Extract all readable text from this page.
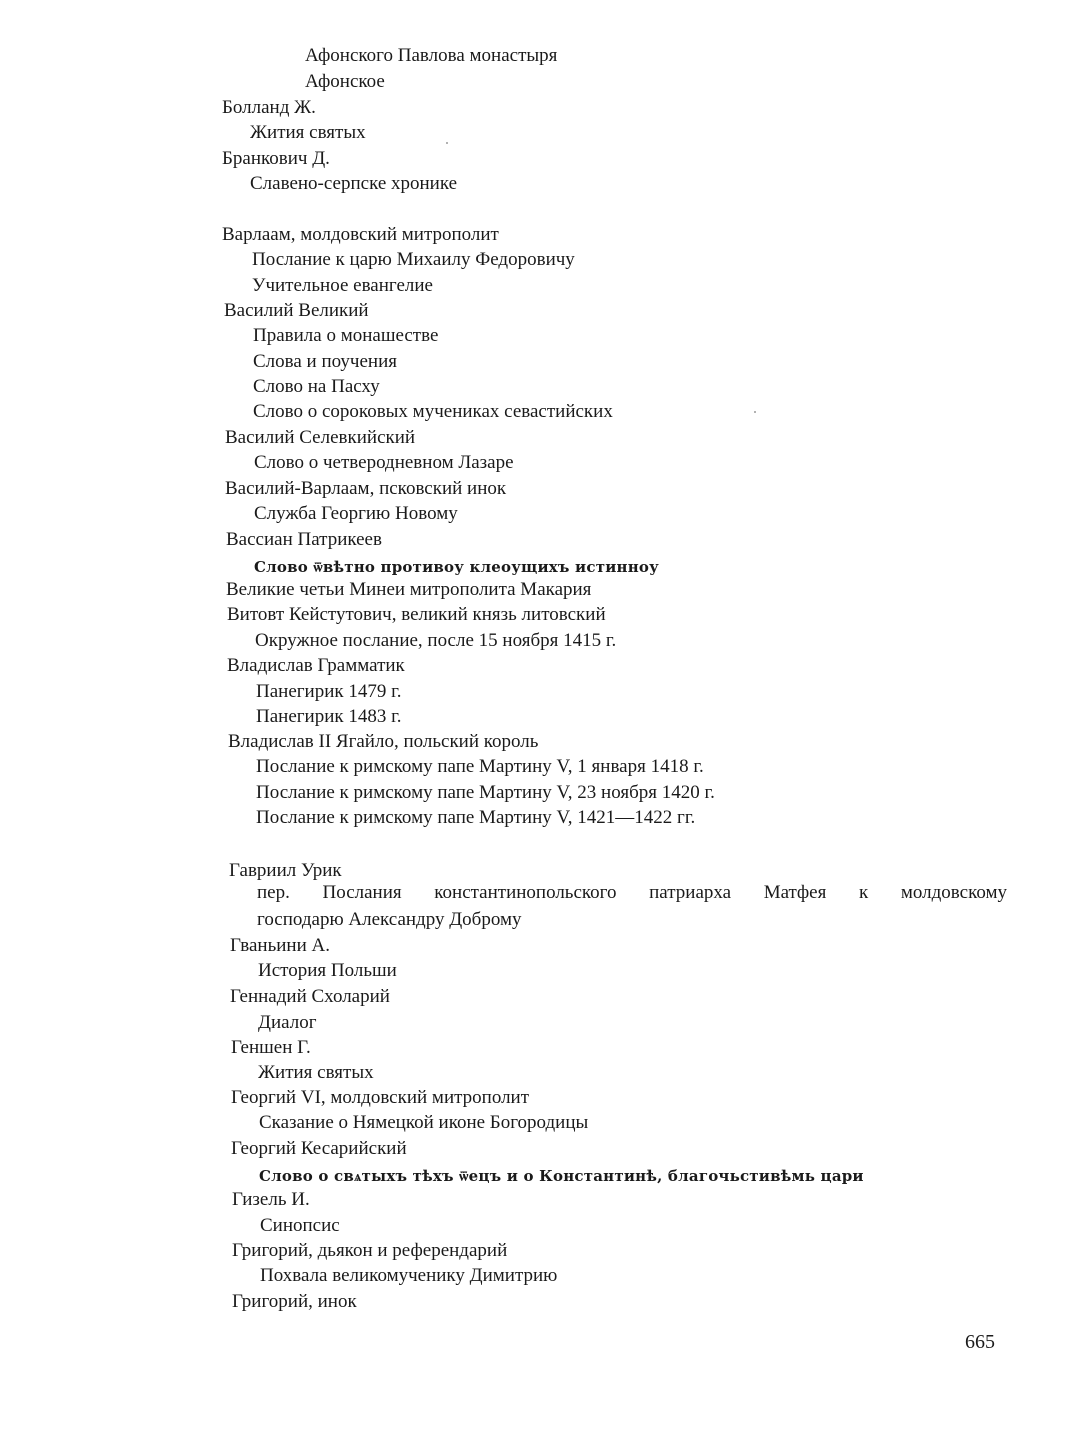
Афонского Павлова монастыря
Афонское
Болланд Ж.
Жития святых
Бранкович Д.
Славено-серпске хронике
Варлаам, молдовский митрополит
Послание к царю Михаилу Федоровичу
Учительное евангелие
Василий Великий
Правила о монашестве
Слова и поучения
Слово на Пасху
Слово о сороковых мучениках севастийских
Василий Селевкийский
Слово о четверодневном Лазаре
Василий-Варлаам, псковский инок
Служба Георгию Новому
Вассиан Патрикеев
Слово ѿвѣтно противоу клеоущихъ истинноу
Великие четьи Минеи митрополита Макария
Витовт Кейстутович, великий князь литовский
Окружное послание, после 15 ноября 1415 г.
Владислав Грамматик
Панегирик 1479 г.
Панегирик 1483 г.
Владислав II Ягайло, польский король
Послание к римскому папе Мартину V, 1 января 1418 г.
Послание к римскому папе Мартину V, 23 ноября 1420 г.
Послание к римскому папе Мартину V, 1421—1422 гг.
Гавриил Урик
пер. Послания константинопольского патриарха Матфея к молдовскому
господарю Александру Доброму
Гваньини А.
История Польши
Геннадий Схоларий
Диалог
Геншен Г.
Жития святых
Георгий VI, молдовский митрополит
Сказание о Нямецкой иконе Богородицы
Георгий Кесарийский
Слово о свѧтыхъ тѣхъ ѿецъ и о Константинѣ, благочьстивѣмь цари
Гизель И.
Синопсис
Григорий, дьякон и референдарий
Похвала великомученику Димитрию
Григорий, инок
665
